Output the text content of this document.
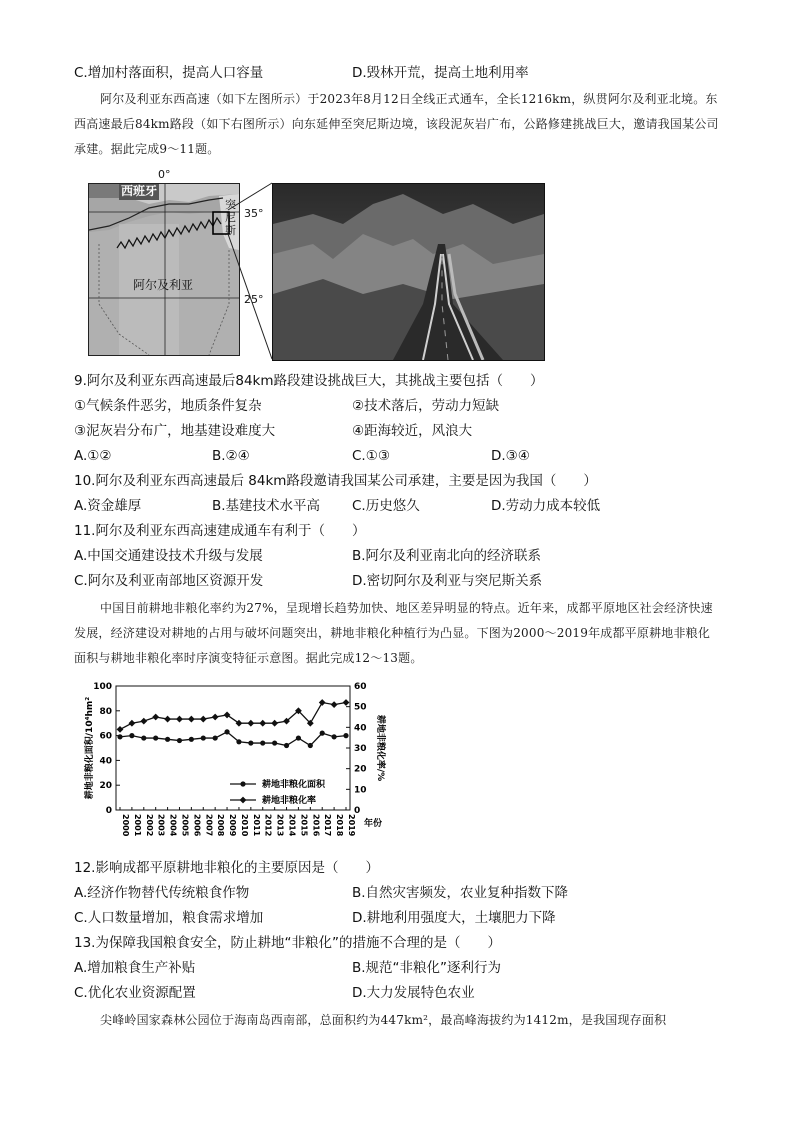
C.增加村落面积，提高人口容量	D.毁林开荒，提高土地利用率
阿尔及利亚东西高速（如下左图所示）于2023年8月12日全线正式通车，全长1216km，纵贯阿尔及利亚北境。东西高速最后84km路段（如下右图所示）向东延伸至突尼斯边境，该段泥灰岩广布，公路修建挑战巨大，邀请我国某公司承建。据此完成9～11题。
西班牙
突尼斯
阿尔及利亚
0°
35°
25°
9.阿尔及利亚东西高速最后84km路段建设挑战巨大，其挑战主要包括（　　）
①气候条件恶劣，地质条件复杂	②技术落后，劳动力短缺
③泥灰岩分布广，地基建设难度大	④距海较近，风浪大
A.①②	B.②④	C.①③	D.③④
10.阿尔及利亚东西高速最后 84km路段邀请我国某公司承建，主要是因为我国（　　）
A.资金雄厚	B.基建技术水平高 C.历史悠久	D.劳动力成本较低
11.阿尔及利亚东西高速建成通车有利于（　　）
A.中国交通建设技术升级与发展	B.阿尔及利亚南北向的经济联系
C.阿尔及利亚南部地区资源开发	D.密切阿尔及利亚与突尼斯关系
中国目前耕地非粮化率约为27%，呈现增长趋势加快、地区差异明显的特点。近年来，成都平原地区社会经济快速发展，经济建设对耕地的占用与破坏问题突出，耕地非粮化种植行为凸显。下图为2000～2019年成都平原耕地非粮化面积与耕地非粮化率时序演变特征示意图。据此完成12～13题。
0
20
40
60
80
100
0
10
20
30
40
50
60
2000 2001 2002 2003 2004 2005 2006 2007 2008 2009 2010 2011 2012 2013 2014 2015 2016 2017 2018 2019
耕地非粮化面积/10⁴hm²	耕地非粮化率/%
年份
耕地非粮化面积
耕地非粮化率
12.影响成都平原耕地非粮化的主要原因是（　　）
A.经济作物替代传统粮食作物	B.自然灾害频发，农业复种指数下降
C.人口数量增加，粮食需求增加	D.耕地利用强度大，土壤肥力下降
13.为保障我国粮食安全，防止耕地“非粮化”的措施不合理的是（　　）
A.增加粮食生产补贴	B.规范“非粮化”逐利行为
C.优化农业资源配置	D.大力发展特色农业
尖峰岭国家森林公园位于海南岛西南部，总面积约为447km²，最高峰海拔约为1412m，是我国现存面积
